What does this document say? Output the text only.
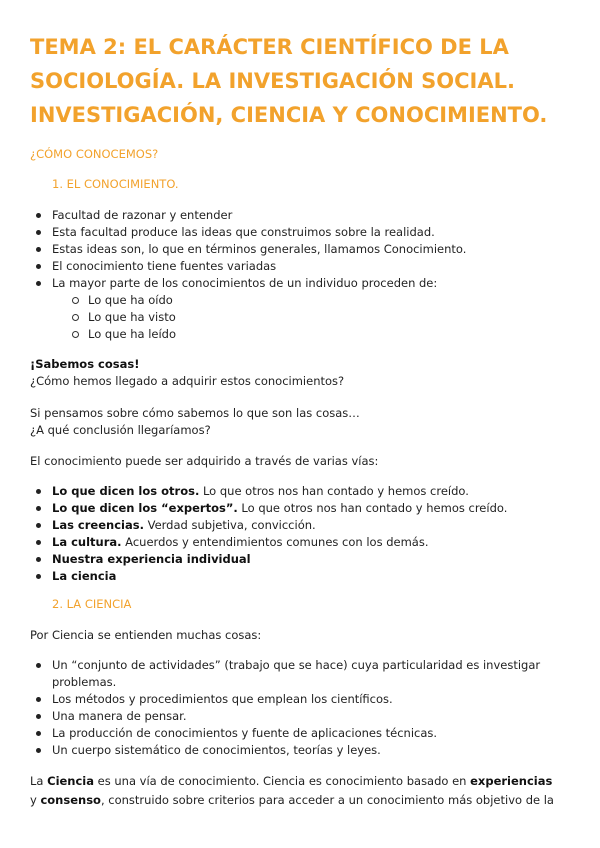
TEMA 2: EL CARÁCTER CIENTÍFICO DE LA SOCIOLOGÍA. LA INVESTIGACIÓN SOCIAL. INVESTIGACIÓN, CIENCIA Y CONOCIMIENTO.
¿CÓMO CONOCEMOS?
1. EL CONOCIMIENTO.
Facultad de razonar y entender
Esta facultad produce las ideas que construimos sobre la realidad.
Estas ideas son, lo que en términos generales, llamamos Conocimiento.
El conocimiento tiene fuentes variadas
La mayor parte de los conocimientos de un individuo proceden de:
Lo que ha oído
Lo que ha visto
Lo que ha leído

¡Sabemos cosas!
¿Cómo hemos llegado a adquirir estos conocimientos?

Si pensamos sobre cómo sabemos lo que son las cosas…
¿A qué conclusión llegaríamos?

El conocimiento puede ser adquirido a través de varias vías:

Lo que dicen los otros. Lo que otros nos han contado y hemos creído.
Lo que dicen los “expertos”. Lo que otros nos han contado y hemos creído.
Las creencias. Verdad subjetiva, convicción.
La cultura. Acuerdos y entendimientos comunes con los demás.
Nuestra experiencia individual
La ciencia
2. LA CIENCIA

Por Ciencia se entienden muchas cosas:

Un “conjunto de actividades” (trabajo que se hace) cuya particularidad es investigar problemas.
Los métodos y procedimientos que emplean los científicos.
Una manera de pensar.
La producción de conocimientos y fuente de aplicaciones técnicas.
Un cuerpo sistemático de conocimientos, teorías y leyes.

La Ciencia es una vía de conocimiento. Ciencia es conocimiento basado en experiencias y consenso, construido sobre criterios para acceder a un conocimiento más objetivo de la
